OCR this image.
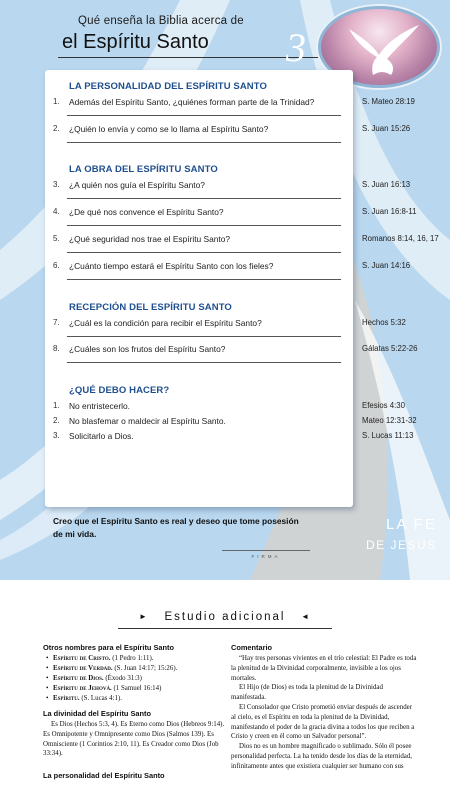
Qué enseña la Biblia acerca de
el Espíritu Santo 3
LA PERSONALIDAD DEL ESPÍRITU SANTO
1. Además del Espíritu Santo, ¿quiénes forman parte de la Trinidad?
2. ¿Quién lo envía y como se lo llama al Espíritu Santo?
LA OBRA DEL ESPÍRITU SANTO
3. ¿A quién nos guía el Espíritu Santo?
4. ¿De qué nos convence el Espíritu Santo?
5. ¿Qué seguridad nos trae el Espíritu Santo?
6. ¿Cuánto tiempo estará el Espíritu Santo con los fieles?
RECEPCIÓN DEL ESPÍRITU SANTO
7. ¿Cuál es la condición para recibir el Espíritu Santo?
8. ¿Cuáles son los frutos del Espíritu Santo?
¿QUÉ DEBO HACER?
1. No entristecerlo.
2. No blasfemar o maldecir al Espíritu Santo.
3. Solicitarlo a Dios.
S. Mateo 28:19
S. Juan 15:26
S. Juan 16:13
S. Juan 16:8-11
Romanos 8:14, 16, 17
S. Juan 14:16
Hechos 5:32
Gálatas 5:22-26
Efesios 4:30
Mateo 12:31-32
S. Lucas 11:13
Creo que el Espíritu Santo es real y deseo que tome posesión de mi vida.
FIRMA
LA FE
DE JESÚS
► Estudio adicional ◄
Otros nombres para el Espíritu Santo
• Espíritu de Cristo. (1 Pedro 1:11).
• Espíritu de Verdad. (S. Juan 14:17; 15:26).
• Espíritu de Dios. (Éxodo 31:3)
• Espíritu de Jehová. (1 Samuel 16:14)
• Espíritu. (S. Lucas 4:1).
La divinidad del Espíritu Santo
Es Dios (Hechos 5:3, 4). Es Eterno como Dios (Hebreos 9:14). Es Omnipotente y Omnipresente como Dios (Salmos 139). Es Omnisciente (1 Corintios 2:10, 11). Es Creador como Dios (Job 33:34).
La personalidad del Espíritu Santo
Comentario
“Hay tres personas vivientes en el trío celestial: El Padre es toda la plenitud de la Divinidad corporalmente, invisible a los ojos mortales.
El Hijo (de Dios) es toda la plenitud de la Divinidad manifestada.
El Consolador que Cristo prometió enviar después de ascender al cielo, es el Espíritu en toda la plenitud de la Divinidad, manifestando el poder de la gracia divina a todos los que reciben a Cristo y creen en él como un Salvador personal”.
Dios no es un hombre magnificado o sublimado. Sólo él posee personalidad perfecta. La ha tenido desde los días de la eternidad, infinitamente antes que existiera cualquier ser humano con sus
